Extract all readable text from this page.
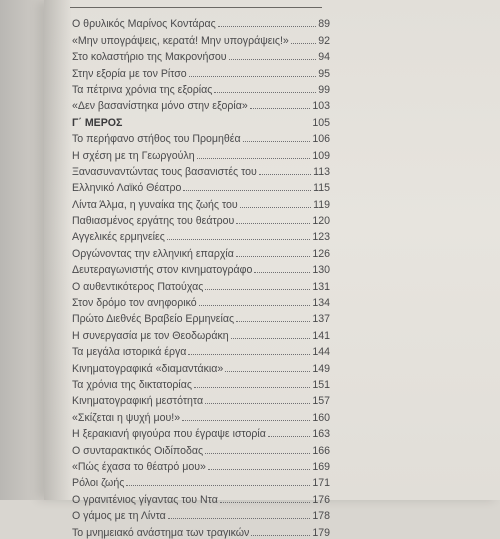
Ο θρυλικός Μαρίνος Κοντάρας	89
«Μην υπογράψεις, κερατά! Μην υπογράψεις!»	92
Στο κολαστήριο της Μακρονήσου	94
Στην εξορία με τον Ρίτσο	95
Τα πέτρινα χρόνια της εξορίας	99
«Δεν βασανίστηκα μόνο στην εξορία»	103
Γ΄ ΜΕΡΟΣ	105
Το περήφανο στήθος του Προμηθέα	106
Η σχέση με τη Γεωργούλη	109
Ξανασυναντώντας τους βασανιστές του	113
Ελληνικό Λαϊκό Θέατρο	115
Λίντα Άλμα, η γυναίκα της ζωής του	119
Παθιασμένος εργάτης του θεάτρου	120
Αγγελικές ερμηνείες	123
Οργώνοντας την ελληνική επαρχία	126
Δευτεραγωνιστής στον κινηματογράφο	130
Ο αυθεντικότερος Πατούχας	131
Στον δρόμο τον ανηφορικό	134
Πρώτο Διεθνές Βραβείο Ερμηνείας	137
Η συνεργασία με τον Θεοδωράκη	141
Τα μεγάλα ιστορικά έργα	144
Κινηματογραφικά «διαμαντάκια»	149
Τα χρόνια της δικτατορίας	151
Κινηματογραφική μεστότητα	157
«Σκίζεται η ψυχή μου!»	160
Η ξερακιανή φιγούρα που έγραψε ιστορία	163
Ο συνταρακτικός Οιδίποδας	166
«Πώς έχασα το θέατρό μου»	169
Ρόλοι ζωής	171
Ο γρανιτένιος γίγαντας του Ντα	176
Ο γάμος με τη Λίντα	178
Το μνημειακό ανάστημα των τραγικών	179
